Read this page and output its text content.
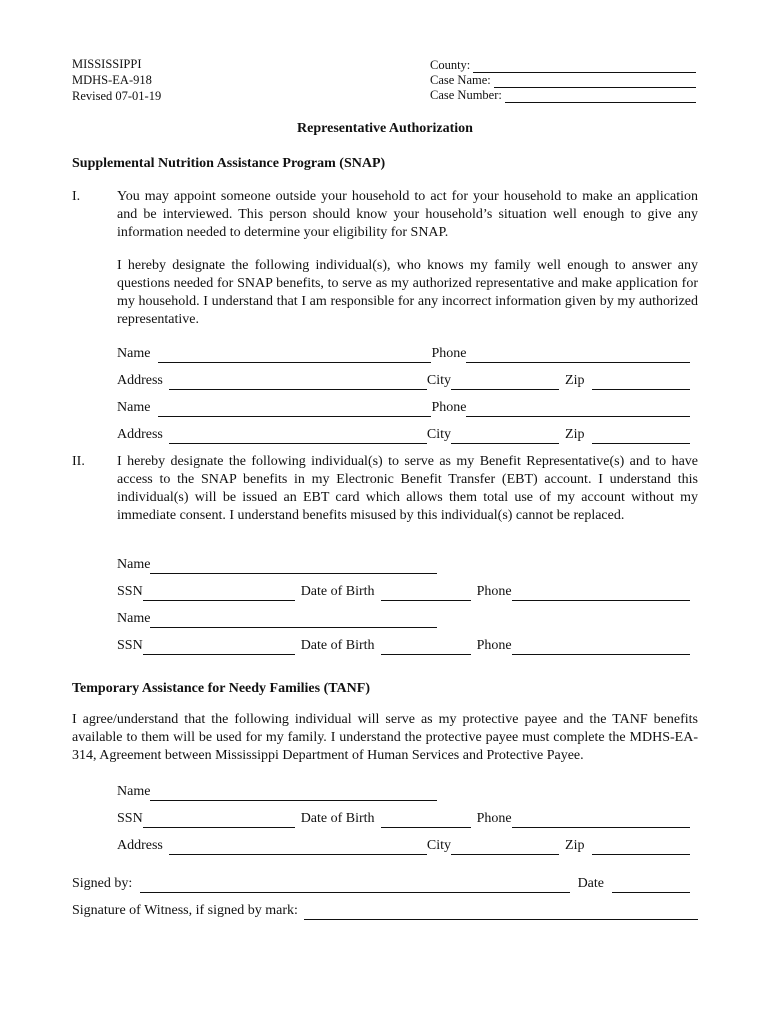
MISSISSIPPI
MDHS-EA-918
Revised 07-01-19
County:
Case Name:
Case Number:
Representative Authorization
Supplemental Nutrition Assistance Program (SNAP)
I.	You may appoint someone outside your household to act for your household to make an application and be interviewed. This person should know your household’s situation well enough to give any information needed to determine your eligibility for SNAP.
I hereby designate the following individual(s), who knows my family well enough to answer any questions needed for SNAP benefits, to serve as my authorized representative and make application for my household. I understand that I am responsible for any incorrect information given by my authorized representative.
Name	Phone
Address	City	Zip
Name	Phone
Address	City	Zip
II. I hereby designate the following individual(s) to serve as my Benefit Representative(s) and to have access to the SNAP benefits in my Electronic Benefit Transfer (EBT) account. I understand this individual(s) will be issued an EBT card which allows them total use of my account without my immediate consent. I understand benefits misused by this individual(s) cannot be replaced.
Name
SSN	Date of Birth	Phone
Name
SSN	Date of Birth	Phone
Temporary Assistance for Needy Families (TANF)
I agree/understand that the following individual will serve as my protective payee and the TANF benefits available to them will be used for my family. I understand the protective payee must complete the MDHS-EA-314, Agreement between Mississippi Department of Human Services and Protective Payee.
Name
SSN	Date of Birth	Phone
Address	City	Zip
Signed by:	Date
Signature of Witness, if signed by mark:
